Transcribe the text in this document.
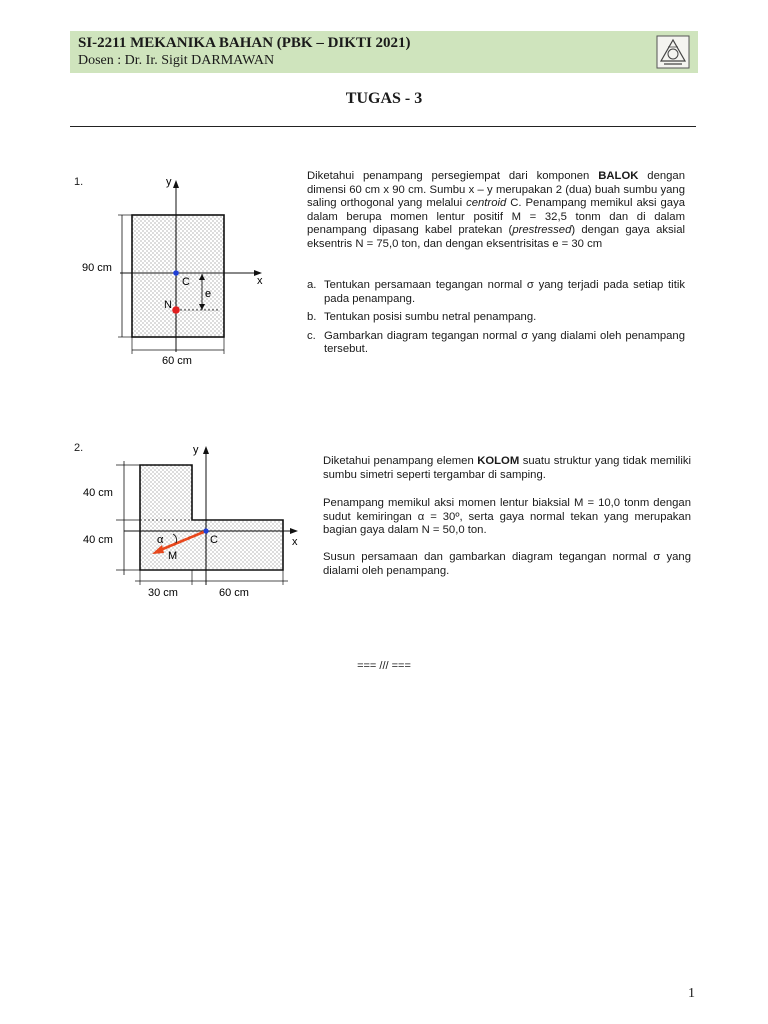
SI-2211 MEKANIKA BAHAN (PBK – DIKTI 2021)
Dosen : Dr. Ir. Sigit DARMAWAN
TUGAS - 3
1.	y
x
e
C
N
90 cm
60 cm

Diketahui penampang persegiempat dari komponen BALOK dengan dimensi 60 cm x 90 cm. Sumbu x – y merupakan 2 (dua) buah sumbu yang saling orthogonal yang melalui centroid C. Penampang memikul aksi gaya dalam berupa momen lentur positif M = 32,5 tonm dan di dalam penampang dipasang kabel pratekan (prestressed) dengan gaya aksial eksentris N = 75,0 ton, dan dengan eksentrisitas e = 30 cm

a. Tentukan persamaan tegangan normal σ yang terjadi pada setiap titik pada penampang.
b. Tentukan posisi sumbu netral penampang.
c. Gambarkan diagram tegangan normal σ yang dialami oleh penampang tersebut.
2.	y
x
C
α
M
40 cm
40 cm
30 cm	60 cm

Diketahui penampang elemen KOLOM suatu struktur yang tidak memiliki sumbu simetri seperti tergambar di samping.

Penampang memikul aksi momen lentur biaksial M = 10,0 tonm dengan sudut kemiringan α = 30º, serta gaya normal tekan yang merupakan bagian gaya dalam N = 50,0 ton.

Susun persamaan dan gambarkan diagram tegangan normal σ yang dialami oleh penampang.

=== /// ===
1
